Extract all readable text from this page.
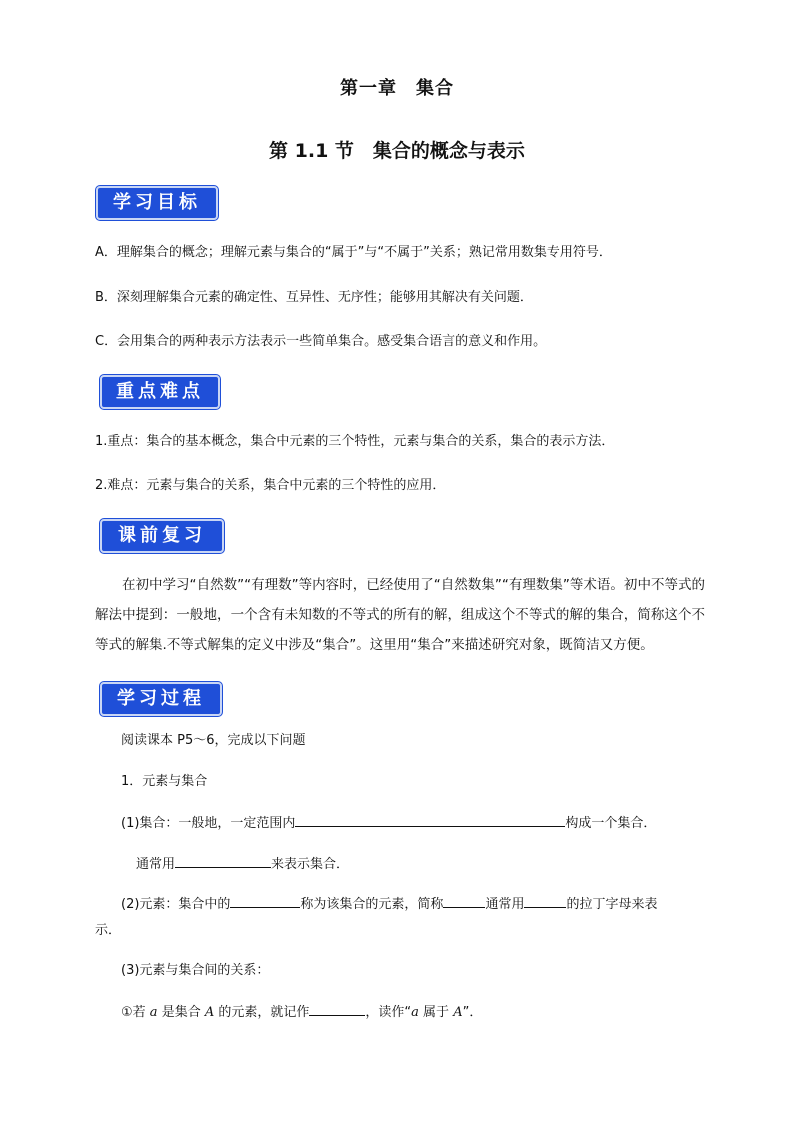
第一章　集合
第 1.1 节　集合的概念与表示
学习目标
A．理解集合的概念；理解元素与集合的“属于”与“不属于”关系；熟记常用数集专用符号．
B．深刻理解集合元素的确定性、互异性、无序性；能够用其解决有关问题．
C．会用集合的两种表示方法表示一些简单集合。感受集合语言的意义和作用。
重点难点
1.重点：集合的基本概念，集合中元素的三个特性，元素与集合的关系，集合的表示方法．
2.难点：元素与集合的关系，集合中元素的三个特性的应用．
课前复习
在初中学习“自然数”“有理数”等内容时，已经使用了“自然数集”“有理数集”等术语。初中不等式的解法中提到：一般地，一个含有未知数的不等式的所有的解，组成这个不等式的解的集合，简称这个不等式的解集.不等式解集的定义中涉及“集合”。这里用“集合”来描述研究对象，既简洁又方便。
学习过程
阅读课本 P5～6，完成以下问题
1．元素与集合
(1)集合：一般地，一定范围内	构成一个集合．
通常用	来表示集合．
(2)元素：集合中的	称为该集合的元素，简称	通常用	的拉丁字母来表
示．
(3)元素与集合间的关系：
①若 a 是集合 A 的元素，就记作	，读作“a 属于 A”．
